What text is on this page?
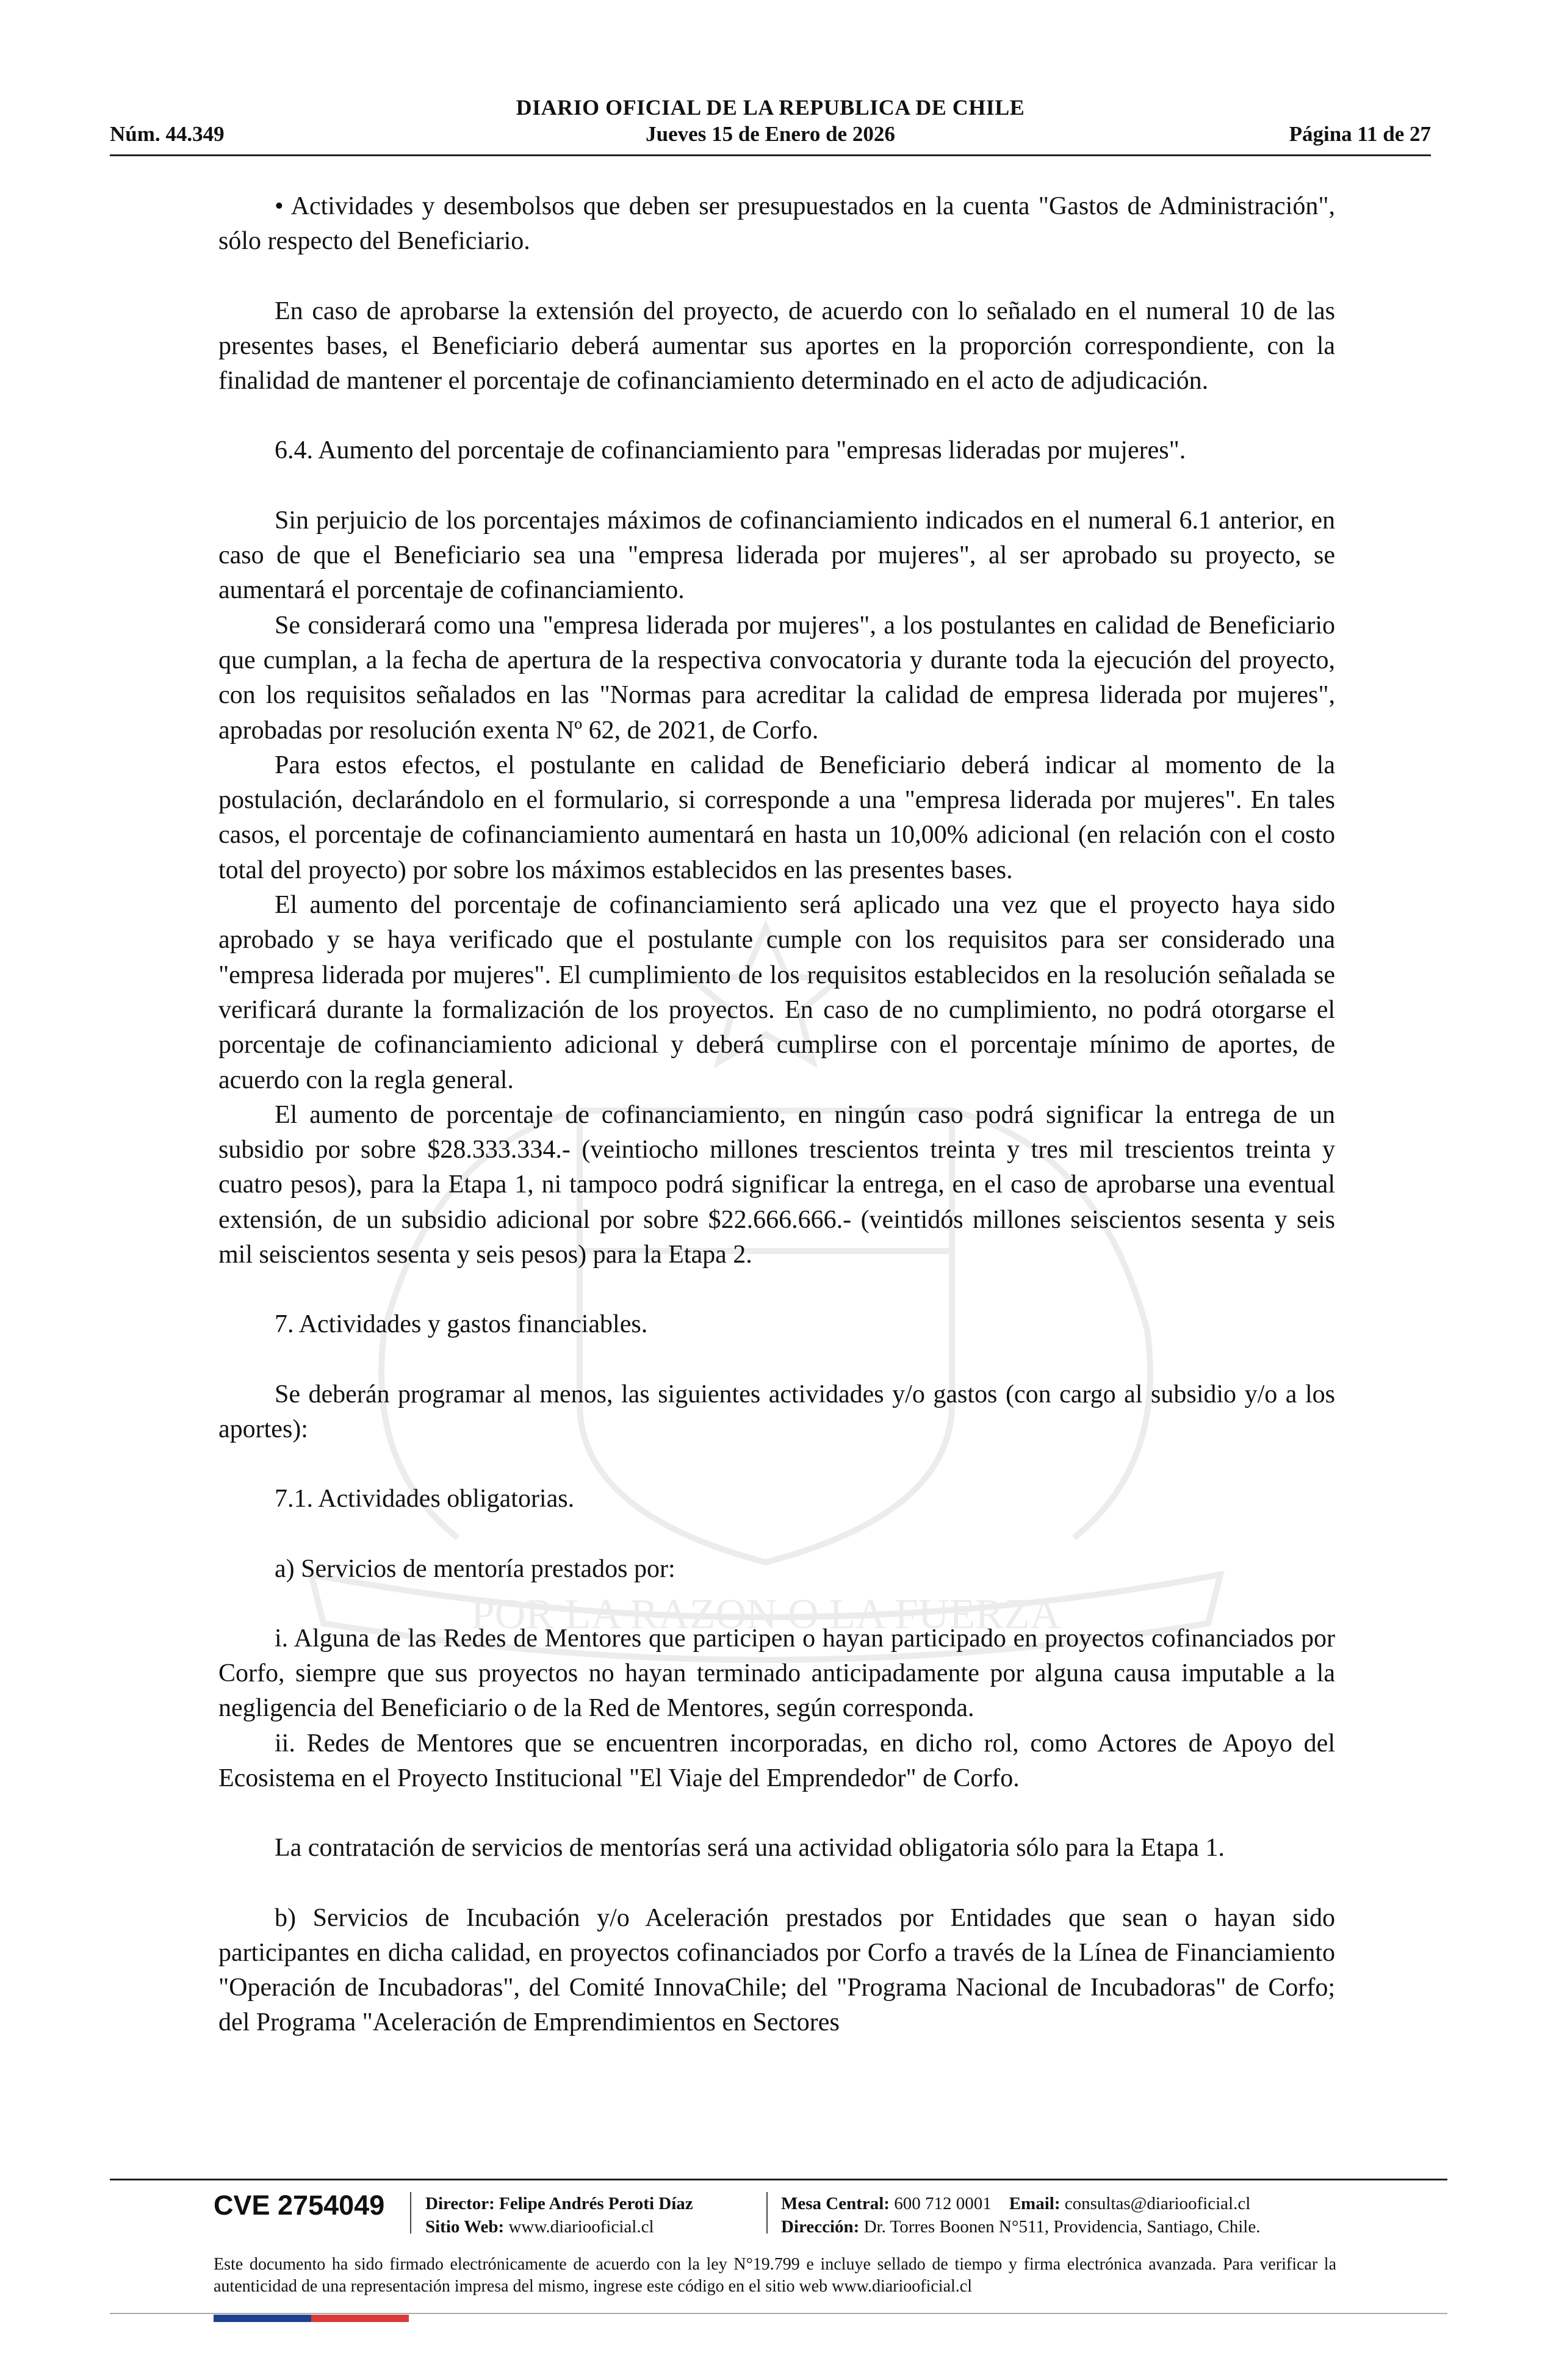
DIARIO OFICIAL DE LA REPUBLICA DE CHILE
Núm. 44.349	Jueves 15 de Enero de 2026	Página 11 de 27
POR LA RAZON O LA FUERZA

• Actividades y desembolsos que deben ser presupuestados en la cuenta "Gastos de Administración", sólo respecto del Beneficiario.

En caso de aprobarse la extensión del proyecto, de acuerdo con lo señalado en el numeral 10 de las presentes bases, el Beneficiario deberá aumentar sus aportes en la proporción correspondiente, con la finalidad de mantener el porcentaje de cofinanciamiento determinado en el acto de adjudicación.

6.4. Aumento del porcentaje de cofinanciamiento para "empresas lideradas por mujeres".

Sin perjuicio de los porcentajes máximos de cofinanciamiento indicados en el numeral 6.1 anterior, en caso de que el Beneficiario sea una "empresa liderada por mujeres", al ser aprobado su proyecto, se aumentará el porcentaje de cofinanciamiento.

Se considerará como una "empresa liderada por mujeres", a los postulantes en calidad de Beneficiario que cumplan, a la fecha de apertura de la respectiva convocatoria y durante toda la ejecución del proyecto, con los requisitos señalados en las "Normas para acreditar la calidad de empresa liderada por mujeres", aprobadas por resolución exenta Nº 62, de 2021, de Corfo.

Para estos efectos, el postulante en calidad de Beneficiario deberá indicar al momento de la postulación, declarándolo en el formulario, si corresponde a una "empresa liderada por mujeres". En tales casos, el porcentaje de cofinanciamiento aumentará en hasta un 10,00% adicional (en relación con el costo total del proyecto) por sobre los máximos establecidos en las presentes bases.

El aumento del porcentaje de cofinanciamiento será aplicado una vez que el proyecto haya sido aprobado y se haya verificado que el postulante cumple con los requisitos para ser considerado una "empresa liderada por mujeres". El cumplimiento de los requisitos establecidos en la resolución señalada se verificará durante la formalización de los proyectos. En caso de no cumplimiento, no podrá otorgarse el porcentaje de cofinanciamiento adicional y deberá cumplirse con el porcentaje mínimo de aportes, de acuerdo con la regla general.

El aumento de porcentaje de cofinanciamiento, en ningún caso podrá significar la entrega de un subsidio por sobre $28.333.334.- (veintiocho millones trescientos treinta y tres mil trescientos treinta y cuatro pesos), para la Etapa 1, ni tampoco podrá significar la entrega, en el caso de aprobarse una eventual extensión, de un subsidio adicional por sobre $22.666.666.- (veintidós millones seiscientos sesenta y seis mil seiscientos sesenta y seis pesos) para la Etapa 2.

7. Actividades y gastos financiables.

Se deberán programar al menos, las siguientes actividades y/o gastos (con cargo al subsidio y/o a los aportes):

7.1. Actividades obligatorias.

a) Servicios de mentoría prestados por:

i. Alguna de las Redes de Mentores que participen o hayan participado en proyectos cofinanciados por Corfo, siempre que sus proyectos no hayan terminado anticipadamente por alguna causa imputable a la negligencia del Beneficiario o de la Red de Mentores, según corresponda.

ii. Redes de Mentores que se encuentren incorporadas, en dicho rol, como Actores de Apoyo del Ecosistema en el Proyecto Institucional "El Viaje del Emprendedor" de Corfo.

La contratación de servicios de mentorías será una actividad obligatoria sólo para la Etapa 1.

b) Servicios de Incubación y/o Aceleración prestados por Entidades que sean o hayan sido participantes en dicha calidad, en proyectos cofinanciados por Corfo a través de la Línea de Financiamiento "Operación de Incubadoras", del Comité InnovaChile; del "Programa Nacional de Incubadoras" de Corfo; del Programa "Aceleración de Emprendimientos en Sectores

CVE 2754049	Director: Felipe Andrés Peroti Díaz
Sitio Web: www.diariooficial.cl
Mesa Central: 600 712 0001 Email: consultas@diariooficial.cl
Dirección: Dr. Torres Boonen N°511, Providencia, Santiago, Chile.
Este documento ha sido firmado electrónicamente de acuerdo con la ley N°19.799 e incluye sellado de tiempo y firma electrónica avanzada. Para verificar la autenticidad de una representación impresa del mismo, ingrese este código en el sitio web www.diariooficial.cl
